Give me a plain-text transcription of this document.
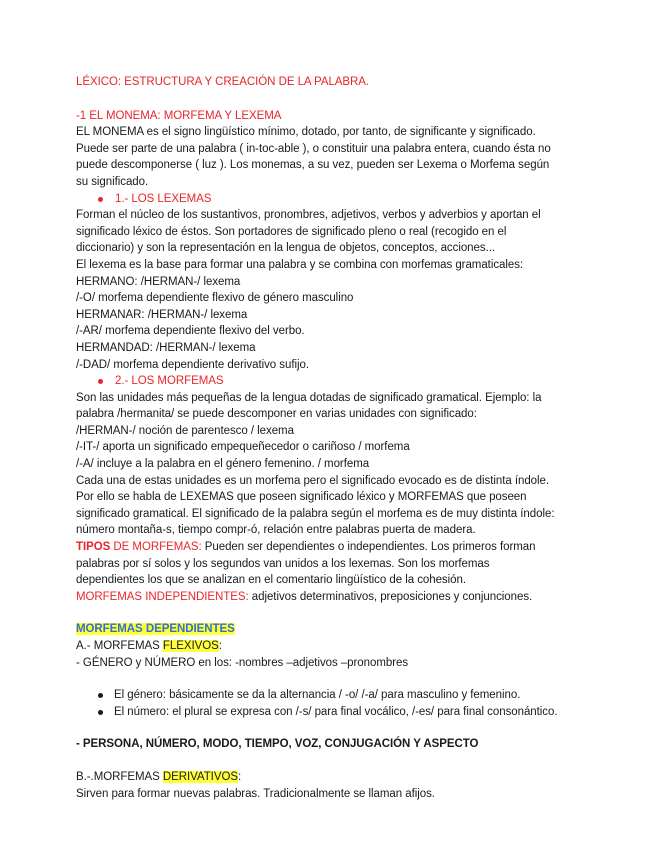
LÉXICO: ESTRUCTURA Y CREACIÓN DE LA PALABRA.

-1 EL MONEMA: MORFEMA Y LEXEMA

EL MONEMA es el signo lingüístico mínimo, dotado, por tanto, de significante y significado.

Puede ser parte de una palabra ( in-toc-able ), o constituir una palabra entera, cuando ésta no

puede descomponerse ( luz ). Los monemas, a su vez, pueden ser Lexema o Morfema según

su significado.

1.- LOS LEXEMAS

Forman el núcleo de los sustantivos, pronombres, adjetivos, verbos y adverbios y aportan el

significado léxico de éstos. Son portadores de significado pleno o real (recogido en el

diccionario) y son la representación en la lengua de objetos, conceptos, acciones...

El lexema es la base para formar una palabra y se combina con morfemas gramaticales:

HERMANO: /HERMAN-/ lexema

/-O/ morfema dependiente flexivo de género masculino

HERMANAR: /HERMAN-/ lexema

/-AR/ morfema dependiente flexivo del verbo.

HERMANDAD: /HERMAN-/ lexema

/-DAD/ morfema dependiente derivativo sufijo.

2.- LOS MORFEMAS

Son las unidades más pequeñas de la lengua dotadas de significado gramatical. Ejemplo: la

palabra /hermanita/ se puede descomponer en varias unidades con significado:

/HERMAN-/ noción de parentesco / lexema

/-IT-/ aporta un significado empequeñecedor o cariñoso / morfema

/-A/ incluye a la palabra en el género femenino. / morfema

Cada una de estas unidades es un morfema pero el significado evocado es de distinta índole.

Por ello se habla de LEXEMAS que poseen significado léxico y MORFEMAS que poseen

significado gramatical. El significado de la palabra según el morfema es de muy distinta índole:

número montaña-s, tiempo compr-ó, relación entre palabras puerta de madera.

TIPOS DE MORFEMAS: Pueden ser dependientes o independientes. Los primeros forman

palabras por sí solos y los segundos van unidos a los lexemas. Son los morfemas

dependientes los que se analizan en el comentario lingüístico de la cohesión.

MORFEMAS INDEPENDIENTES: adjetivos determinativos, preposiciones y conjunciones.

MORFEMAS DEPENDIENTES

A.- MORFEMAS FLEXIVOS:

- GÉNERO y NÚMERO en los: -nombres –adjetivos –pronombres

El género: básicamente se da la alternancia / -o/ /-a/ para masculino y femenino.
El número: el plural se expresa con /-s/ para final vocálico, /-es/ para final consonántico.

- PERSONA, NÚMERO, MODO, TIEMPO, VOZ, CONJUGACIÓN Y ASPECTO

B.-.MORFEMAS DERIVATIVOS:

Sirven para formar nuevas palabras. Tradicionalmente se llaman afijos.
